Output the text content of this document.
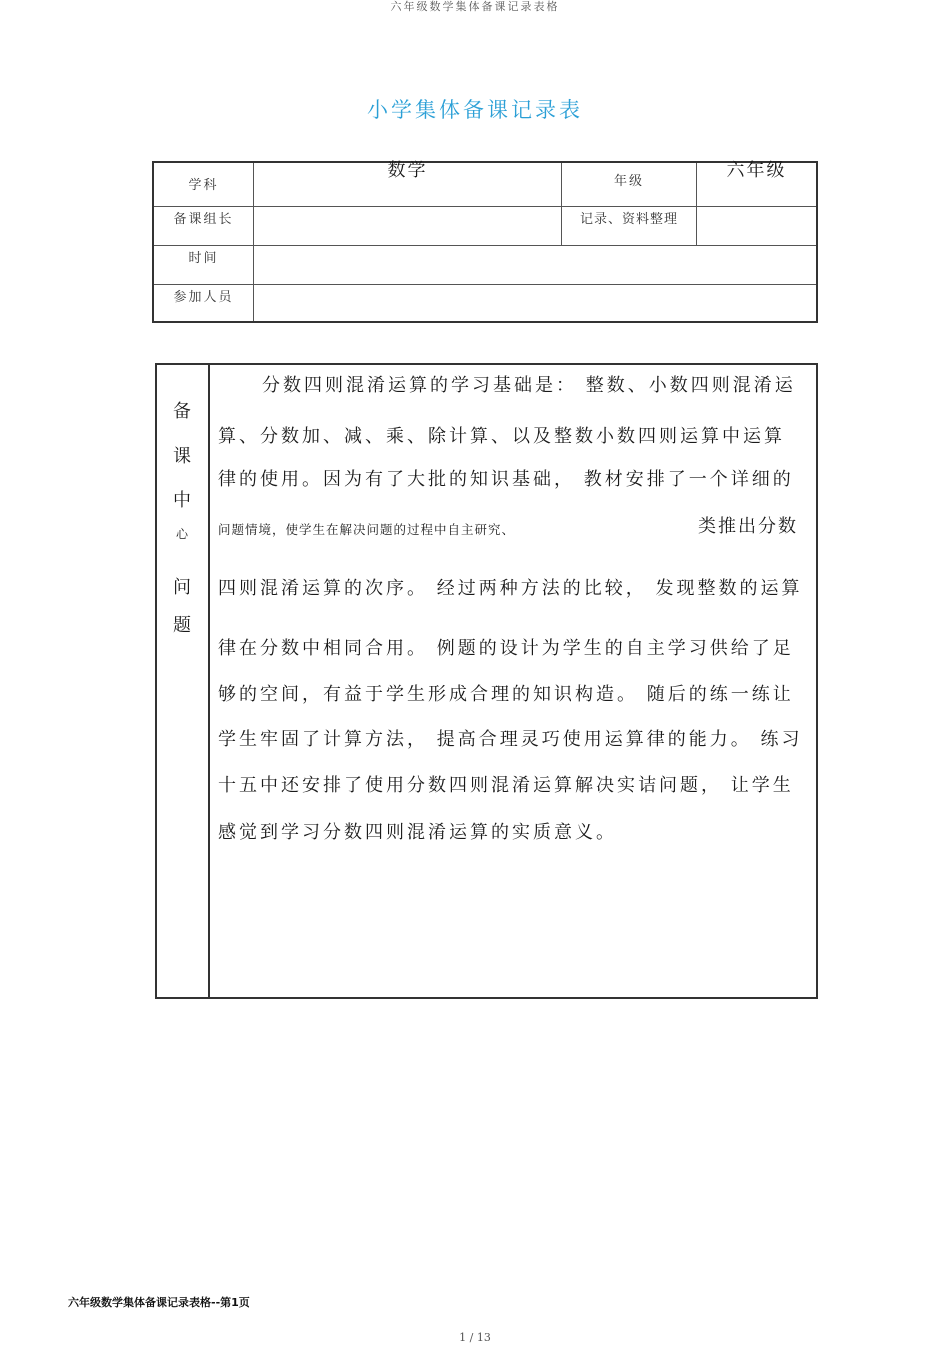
六年级数学集体备课记录表格
小学集体备课记录表
学科
数学
年级
六年级
备课组长	记录、资料整理
时间
参加人员
备
课
中
心
问
题
分数四则混淆运算的学习基础是： 整数、小数四则混淆运
算、分数加、减、乘、除计算、以及整数小数四则运算中运算
律的使用。因为有了大批的知识基础， 教材安排了一个详细的
问题情境，使学生在解决问题的过程中自主研究、	类推出分数
四则混淆运算的次序。 经过两种方法的比较， 发现整数的运算
律在分数中相同合用。 例题的设计为学生的自主学习供给了足
够的空间，有益于学生形成合理的知识构造。 随后的练一练让
学生牢固了计算方法， 提高合理灵巧使用运算律的能力。 练习
十五中还安排了使用分数四则混淆运算解决实诘问题， 让学生
感觉到学习分数四则混淆运算的实质意义。
六年级数学集体备课记录表格--第1页
1 / 13
